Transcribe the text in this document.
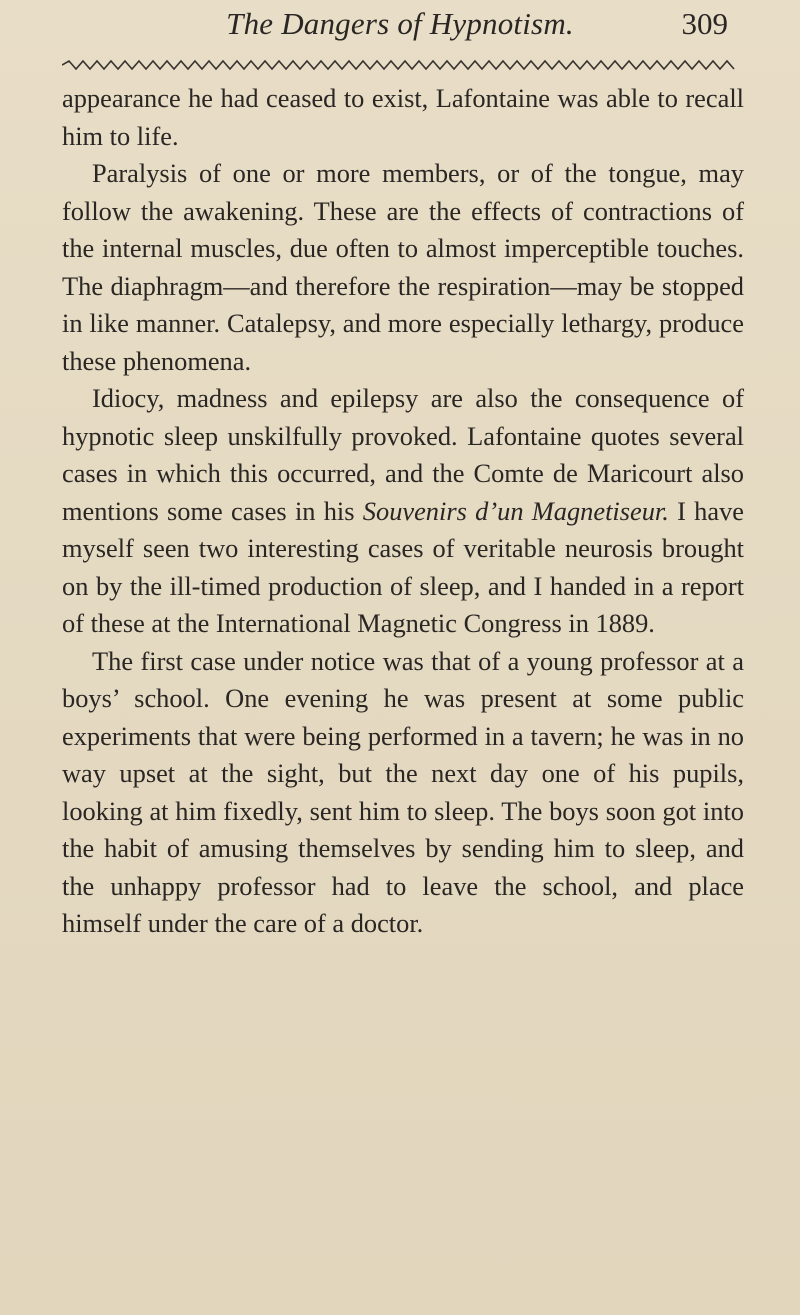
The Dangers of Hypnotism.	309

appearance he had ceased to exist, Lafontaine was able to recall him to life.

Paralysis of one or more members, or of the tongue, may follow the awakening. These are the effects of contractions of the internal muscles, due often to almost imperceptible touches. The diaphragm—and therefore the respiration—may be stopped in like manner. Catalepsy, and more especially lethargy, produce these phenomena.

Idiocy, madness and epilepsy are also the consequence of hypnotic sleep unskilfully provoked. Lafontaine quotes several cases in which this occurred, and the Comte de Maricourt also mentions some cases in his Souvenirs d’un Magnetiseur. I have myself seen two interesting cases of veritable neurosis brought on by the ill-timed production of sleep, and I handed in a report of these at the International Magnetic Congress in 1889.

The first case under notice was that of a young professor at a boys’ school. One evening he was present at some public experiments that were being performed in a tavern; he was in no way upset at the sight, but the next day one of his pupils, looking at him fixedly, sent him to sleep. The boys soon got into the habit of amusing themselves by sending him to sleep, and the unhappy professor had to leave the school, and place himself under the care of a doctor.
